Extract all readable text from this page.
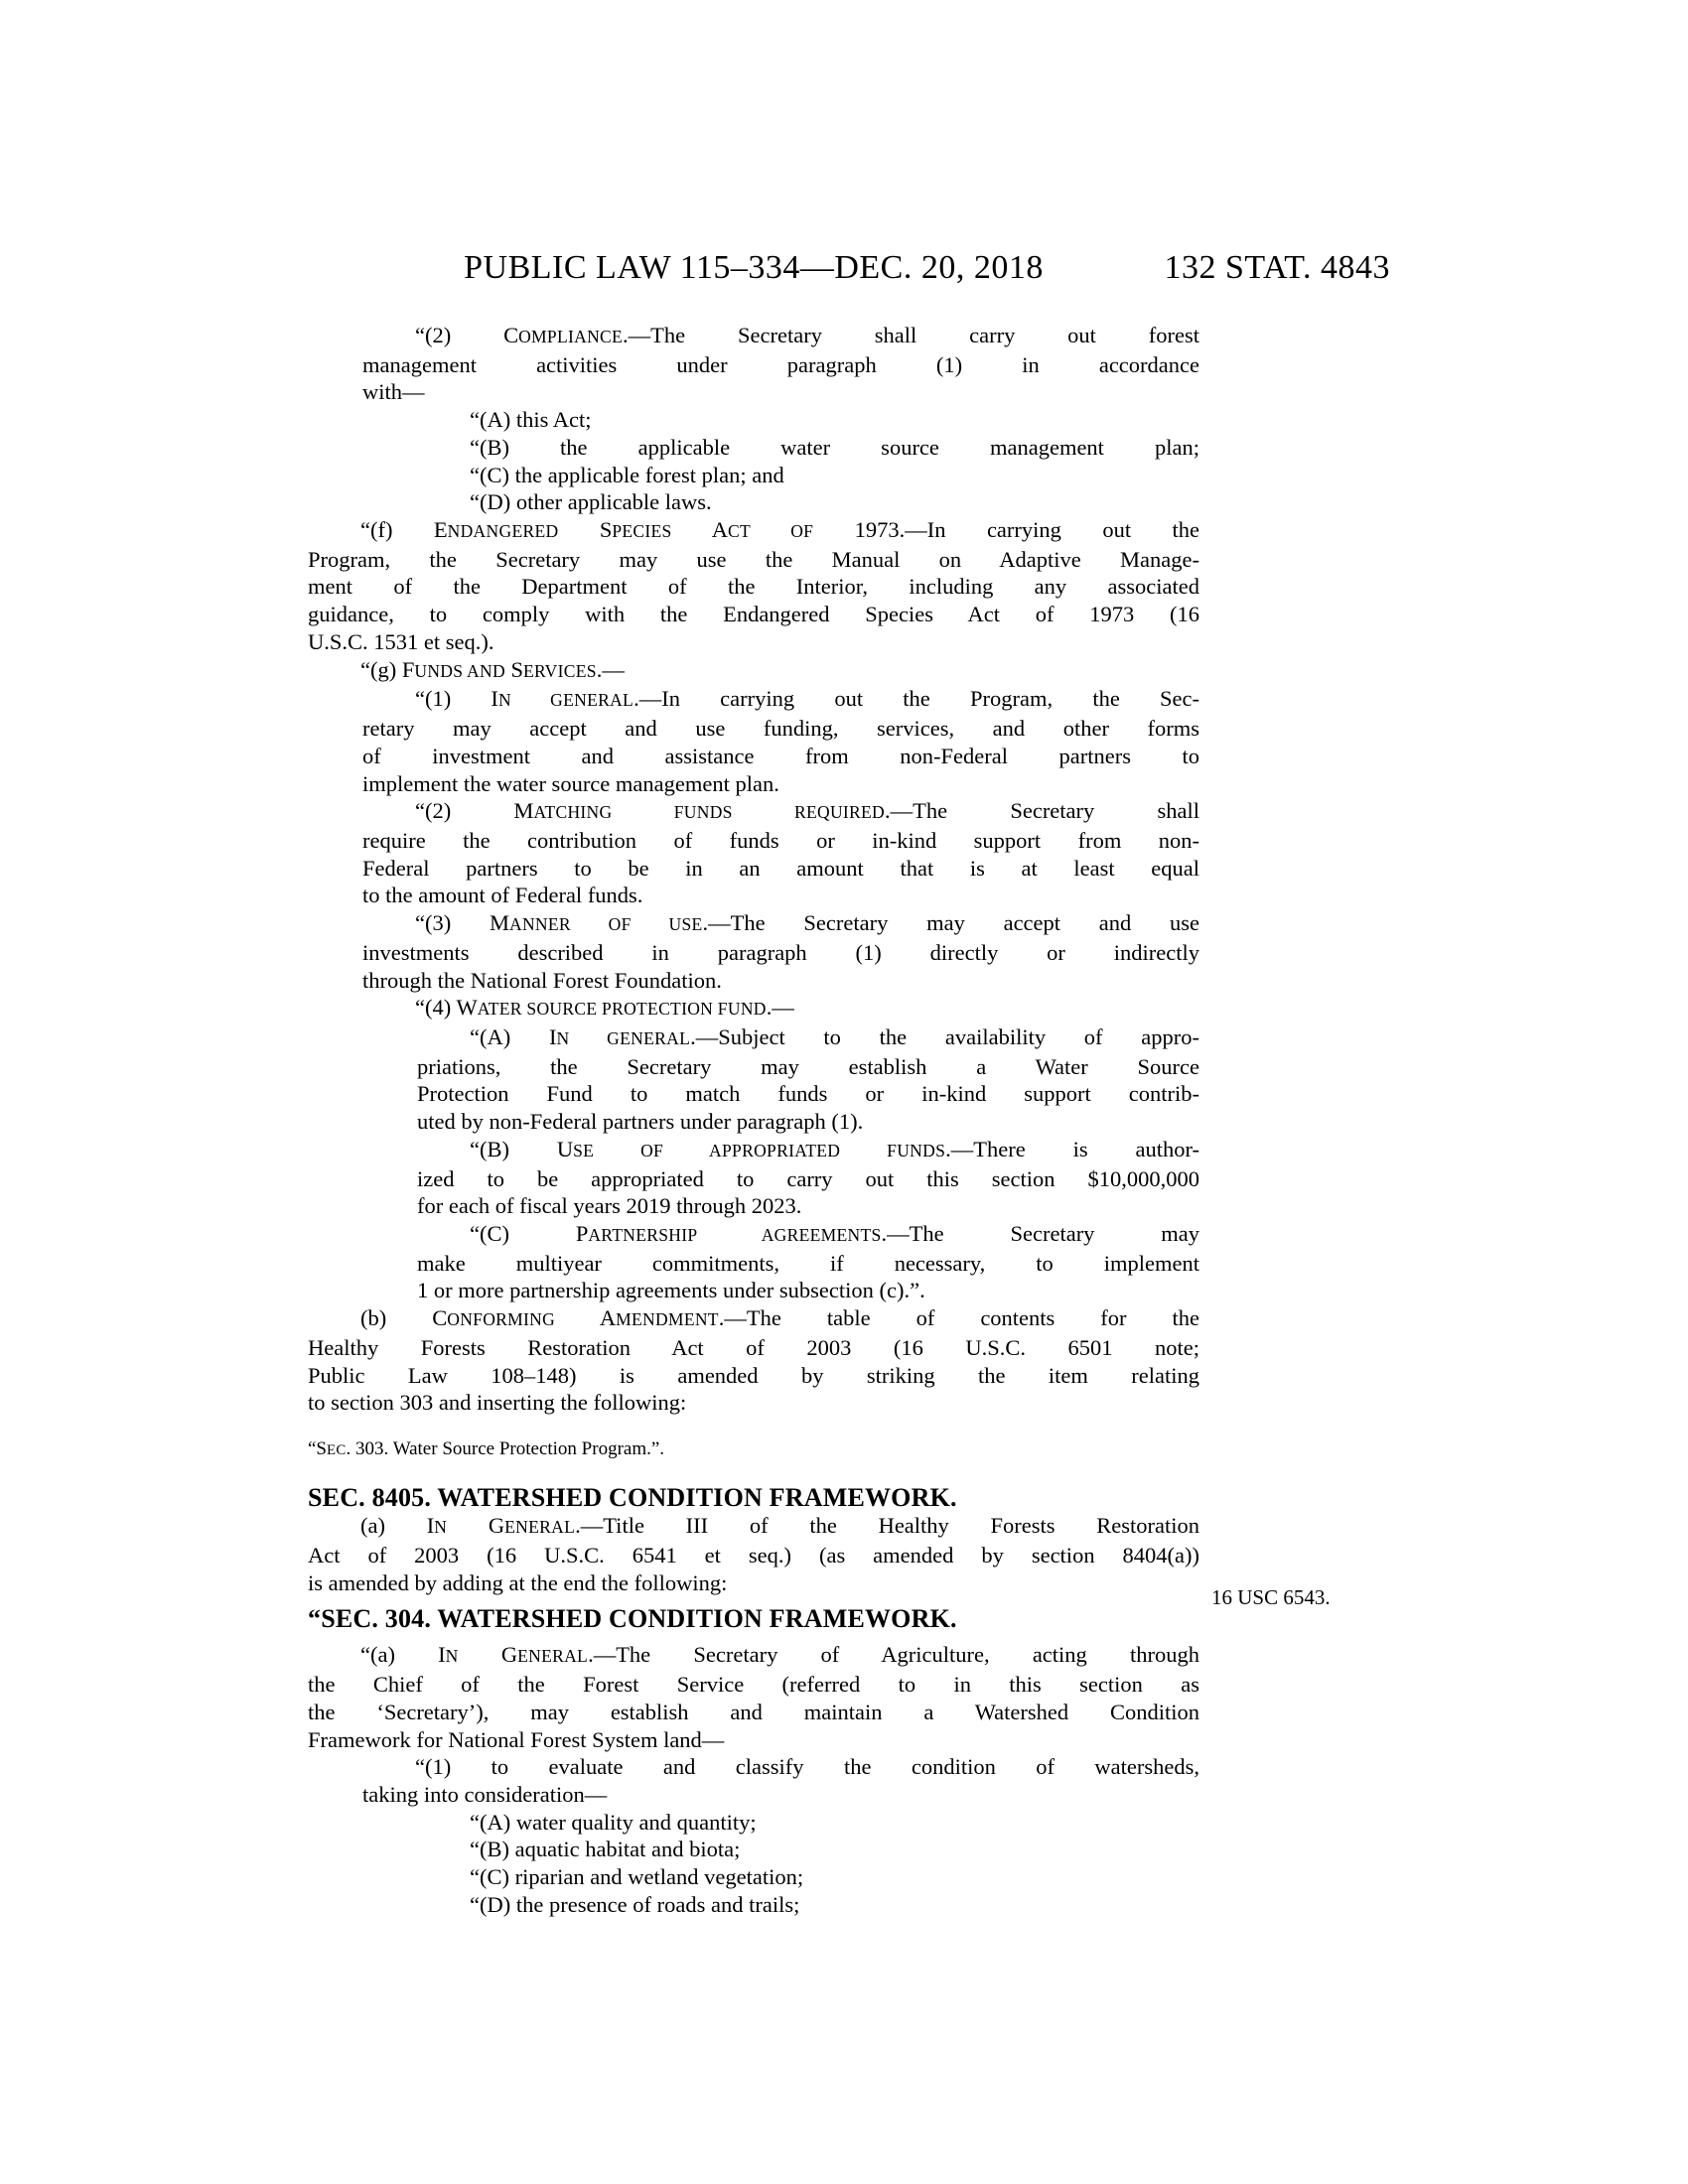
PUBLIC LAW 115–334—DEC. 20, 2018	132 STAT. 4843
“(2) COMPLIANCE.—The Secretary shall carry out forest
management activities under paragraph (1) in accordance
with—
“(A) this Act;
“(B) the applicable water source management plan;
“(C) the applicable forest plan; and
“(D) other applicable laws.
“(f) ENDANGERED SPECIES ACT OF 1973.—In carrying out the
Program, the Secretary may use the Manual on Adaptive Manage-
ment of the Department of the Interior, including any associated
guidance, to comply with the Endangered Species Act of 1973 (16
U.S.C. 1531 et seq.).
“(g) FUNDS AND SERVICES.—
“(1) IN GENERAL.—In carrying out the Program, the Sec-
retary may accept and use funding, services, and other forms
of investment and assistance from non-Federal partners to
implement the water source management plan.
“(2) MATCHING FUNDS REQUIRED.—The Secretary shall
require the contribution of funds or in-kind support from non-
Federal partners to be in an amount that is at least equal
to the amount of Federal funds.
“(3) MANNER OF USE.—The Secretary may accept and use
investments described in paragraph (1) directly or indirectly
through the National Forest Foundation.
“(4) WATER SOURCE PROTECTION FUND.—
“(A) IN GENERAL.—Subject to the availability of appro-
priations, the Secretary may establish a Water Source
Protection Fund to match funds or in-kind support contrib-
uted by non-Federal partners under paragraph (1).
“(B) USE OF APPROPRIATED FUNDS.—There is author-
ized to be appropriated to carry out this section $10,000,000
for each of fiscal years 2019 through 2023.
“(C) PARTNERSHIP AGREEMENTS.—The Secretary may
make multiyear commitments, if necessary, to implement
1 or more partnership agreements under subsection (c).”.
(b) CONFORMING AMENDMENT.—The table of contents for the
Healthy Forests Restoration Act of 2003 (16 U.S.C. 6501 note;
Public Law 108–148) is amended by striking the item relating
to section 303 and inserting the following:
“SEC. 303. Water Source Protection Program.”.
SEC. 8405. WATERSHED CONDITION FRAMEWORK.
(a) IN GENERAL.—Title III of the Healthy Forests Restoration
Act of 2003 (16 U.S.C. 6541 et seq.) (as amended by section 8404(a))
is amended by adding at the end the following:
“SEC. 304. WATERSHED CONDITION FRAMEWORK.
“(a) IN GENERAL.—The Secretary of Agriculture, acting through
the Chief of the Forest Service (referred to in this section as
the ‘Secretary’), may establish and maintain a Watershed Condition
Framework for National Forest System land—
“(1) to evaluate and classify the condition of watersheds,
taking into consideration—
“(A) water quality and quantity;
“(B) aquatic habitat and biota;
“(C) riparian and wetland vegetation;
“(D) the presence of roads and trails;
16 USC 6543.
